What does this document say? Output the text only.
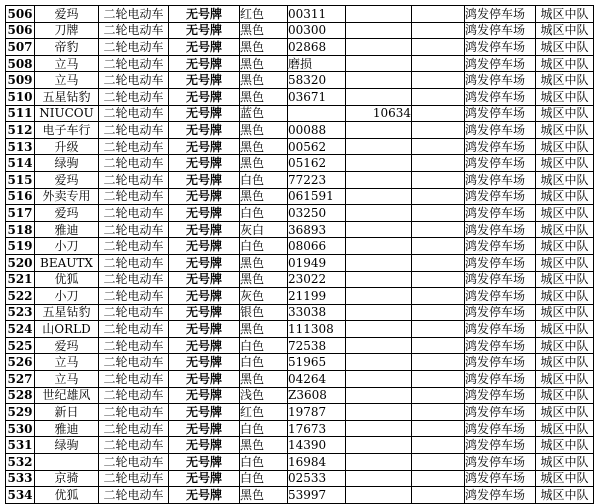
506	爱玛	二轮电动车	无号牌	红色	00311			鸿发停车场	城区中队
506	刀牌	二轮电动车	无号牌	黑色	00300			鸿发停车场	城区中队
507	帝豹	二轮电动车	无号牌	黑色	02868			鸿发停车场	城区中队
508	立马	二轮电动车	无号牌	黑色	磨损			鸿发停车场	城区中队
509	立马	二轮电动车	无号牌	黑色	58320			鸿发停车场	城区中队
510	五星钻豹	二轮电动车	无号牌	黑色	03671			鸿发停车场	城区中队
511	NIUCOU	二轮电动车	无号牌	蓝色		10634		鸿发停车场	城区中队
512	电子车行	二轮电动车	无号牌	黑色	00088			鸿发停车场	城区中队
513	升级	二轮电动车	无号牌	黑色	00562			鸿发停车场	城区中队
514	绿驹	二轮电动车	无号牌	黑色	05162			鸿发停车场	城区中队
515	爱玛	二轮电动车	无号牌	白色	77223			鸿发停车场	城区中队
516	外卖专用	二轮电动车	无号牌	黑色	061591			鸿发停车场	城区中队
517	爱玛	二轮电动车	无号牌	白色	03250			鸿发停车场	城区中队
518	雅迪	二轮电动车	无号牌	灰白	36893			鸿发停车场	城区中队
519	小刀	二轮电动车	无号牌	白色	08066			鸿发停车场	城区中队
520	BEAUTX	二轮电动车	无号牌	黑色	01949			鸿发停车场	城区中队
521	优狐	二轮电动车	无号牌	黑色	23022			鸿发停车场	城区中队
522	小刀	二轮电动车	无号牌	灰色	21199			鸿发停车场	城区中队
523	五星钻豹	二轮电动车	无号牌	银色	33038			鸿发停车场	城区中队
524	山ORLD	二轮电动车	无号牌	黑色	111308			鸿发停车场	城区中队
525	爱玛	二轮电动车	无号牌	白色	72538			鸿发停车场	城区中队
526	立马	二轮电动车	无号牌	白色	51965			鸿发停车场	城区中队
527	立马	二轮电动车	无号牌	黑色	04264			鸿发停车场	城区中队
528	世纪雄风	二轮电动车	无号牌	浅色	Z3608			鸿发停车场	城区中队
529	新日	二轮电动车	无号牌	红色	19787			鸿发停车场	城区中队
530	雅迪	二轮电动车	无号牌	白色	17673			鸿发停车场	城区中队
531	绿驹	二轮电动车	无号牌	黑色	14390			鸿发停车场	城区中队
532		二轮电动车	无号牌	白色	16984			鸿发停车场	城区中队
533	京骑	二轮电动车	无号牌	白色	02533			鸿发停车场	城区中队
534	优狐	二轮电动车	无号牌	黑色	53997			鸿发停车场	城区中队
